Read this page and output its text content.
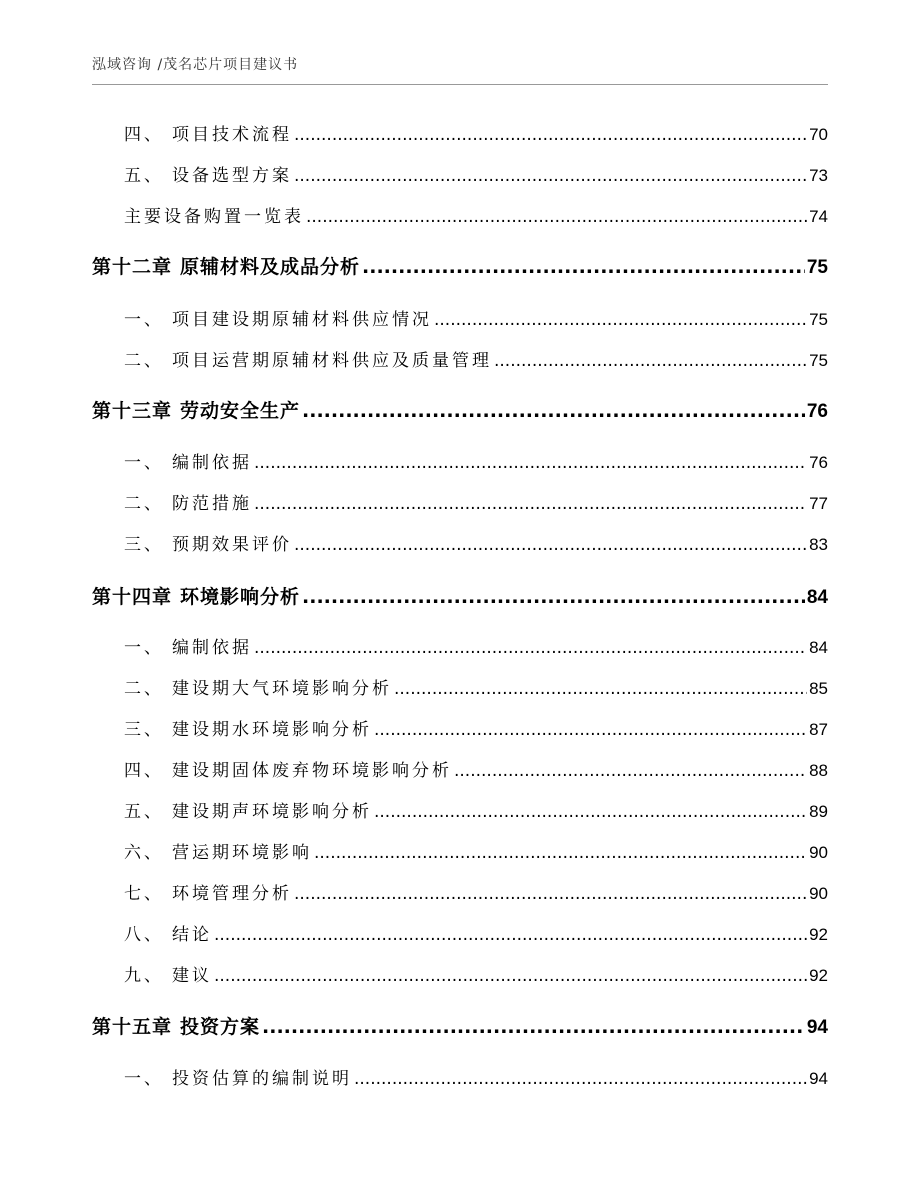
泓域咨询 /茂名芯片项目建议书
四、 项目技术流程 .....	70
五、 设备选型方案 .....	73
主要设备购置一览表 .....	74
第十二章 原辅材料及成品分析 .....	75
一、 项目建设期原辅材料供应情况 .....	75
二、 项目运营期原辅材料供应及质量管理 .....	75
第十三章 劳动安全生产 .....	76
一、 编制依据 .....	76
二、 防范措施 .....	77
三、 预期效果评价 .....	83
第十四章 环境影响分析 .....	84
一、 编制依据 .....	84
二、 建设期大气环境影响分析 .....	85
三、 建设期水环境影响分析 .....	87
四、 建设期固体废弃物环境影响分析 .....	88
五、 建设期声环境影响分析 .....	89
六、 营运期环境影响 .....	90
七、 环境管理分析 .....	90
八、 结论 .....	92
九、 建议 .....	92
第十五章 投资方案 .....	94
一、 投资估算的编制说明 .....	94
